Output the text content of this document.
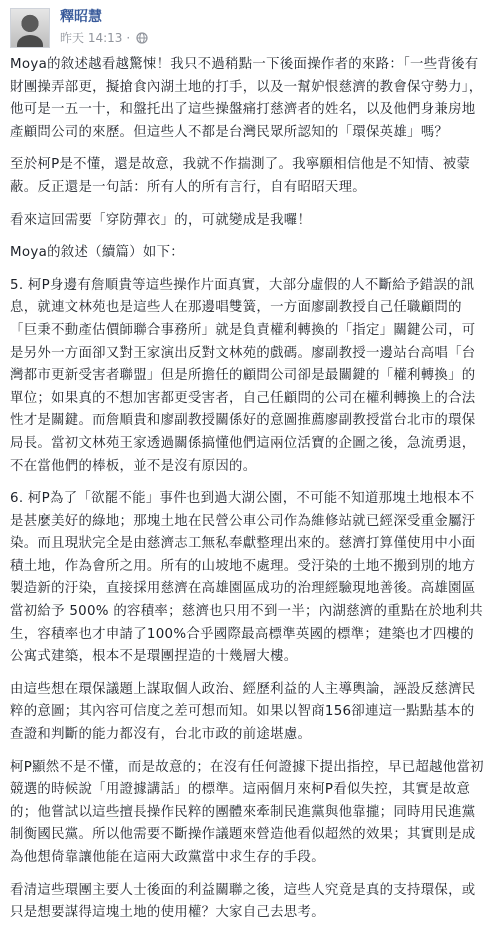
釋昭慧
昨天 14:13 ·

Moya的敘述越看越驚悚！我只不過稍點一下後面操作者的來路：「一些背後有財團操弄部更，擬搶食內湖土地的打手，以及一幫妒恨慈濟的教會保守勢力」，他可是一五一十，和盤托出了這些操盤痛打慈濟者的姓名，以及他們身兼房地產顧問公司的來歷。但這些人不都是台灣民眾所認知的「環保英雄」嗎？

至於柯P是不懂，還是故意，我就不作揣測了。我寧願相信他是不知情、被蒙蔽。反正還是一句話：所有人的所有言行，自有昭昭天理。

看來這回需要「穿防彈衣」的，可就變成是我囉！

Moya的敘述（續篇）如下：

5. 柯P身邊有詹順貴等這些操作片面真實，大部分虛假的人不斷給予錯誤的訊息，就連文林苑也是這些人在那邊唱雙簧，一方面廖副教授自己任職顧問的「巨秉不動產估價師聯合事務所」就是負責權利轉換的「指定」關鍵公司，可是另外一方面卻又對王家演出反對文林苑的戲碼。廖副教授一邊站台高唱「台灣都市更新受害者聯盟」但是所擔任的顧問公司卻是最關鍵的「權利轉換」的單位；如果真的不想加害都更受害者，自己任顧問的公司在權利轉換上的合法性才是關鍵。而詹順貴和廖副教授關係好的意圖推薦廖副教授當台北市的環保局長。當初文林苑王家透過關係搞懂他們這兩位活寶的企圖之後，急流勇退，不在當他們的棒板，並不是沒有原因的。

6. 柯P為了「欲罷不能」事件也到過大湖公園，不可能不知道那塊土地根本不是甚麼美好的綠地；那塊土地在民營公車公司作為維修站就已經深受重金屬汙染。而且現狀完全是由慈濟志工無私奉獻整理出來的。慈濟打算僅使用中小面積土地，作為會所之用。所有的山坡地不處理。受汙染的土地不搬到別的地方製造新的汙染，直接採用慈濟在高雄園區成功的治理經驗現地善後。高雄園區當初給予 500% 的容積率；慈濟也只用不到一半；內湖慈濟的重點在於地利共生，容積率也才申請了100%合乎國際最高標準英國的標準；建築也才四樓的公寓式建築，根本不是環團捏造的十幾層大樓。

由這些想在環保議題上謀取個人政治、經歷利益的人主導輿論，誣設反慈濟民粹的意圖；其內容可信度之差可想而知。如果以智商156卻連這一點點基本的查證和判斷的能力都沒有，台北市政的前途堪慮。

柯P顯然不是不懂，而是故意的；在沒有任何證據下提出指控，早已超越他當初競選的時候說「用證據講話」的標準。這兩個月來柯P看似失控，其實是故意的；他嘗試以這些擅長操作民粹的團體來牽制民進黨與他靠攏；同時用民進黨制衡國民黨。所以他需要不斷操作議題來營造他看似超然的效果；其實則是成為他想倚靠讓他能在這兩大政黨當中求生存的手段。

看清這些環團主要人士後面的利益關聯之後，這些人究竟是真的支持環保，或只是想要謀得這塊土地的使用權？大家自己去思考。
